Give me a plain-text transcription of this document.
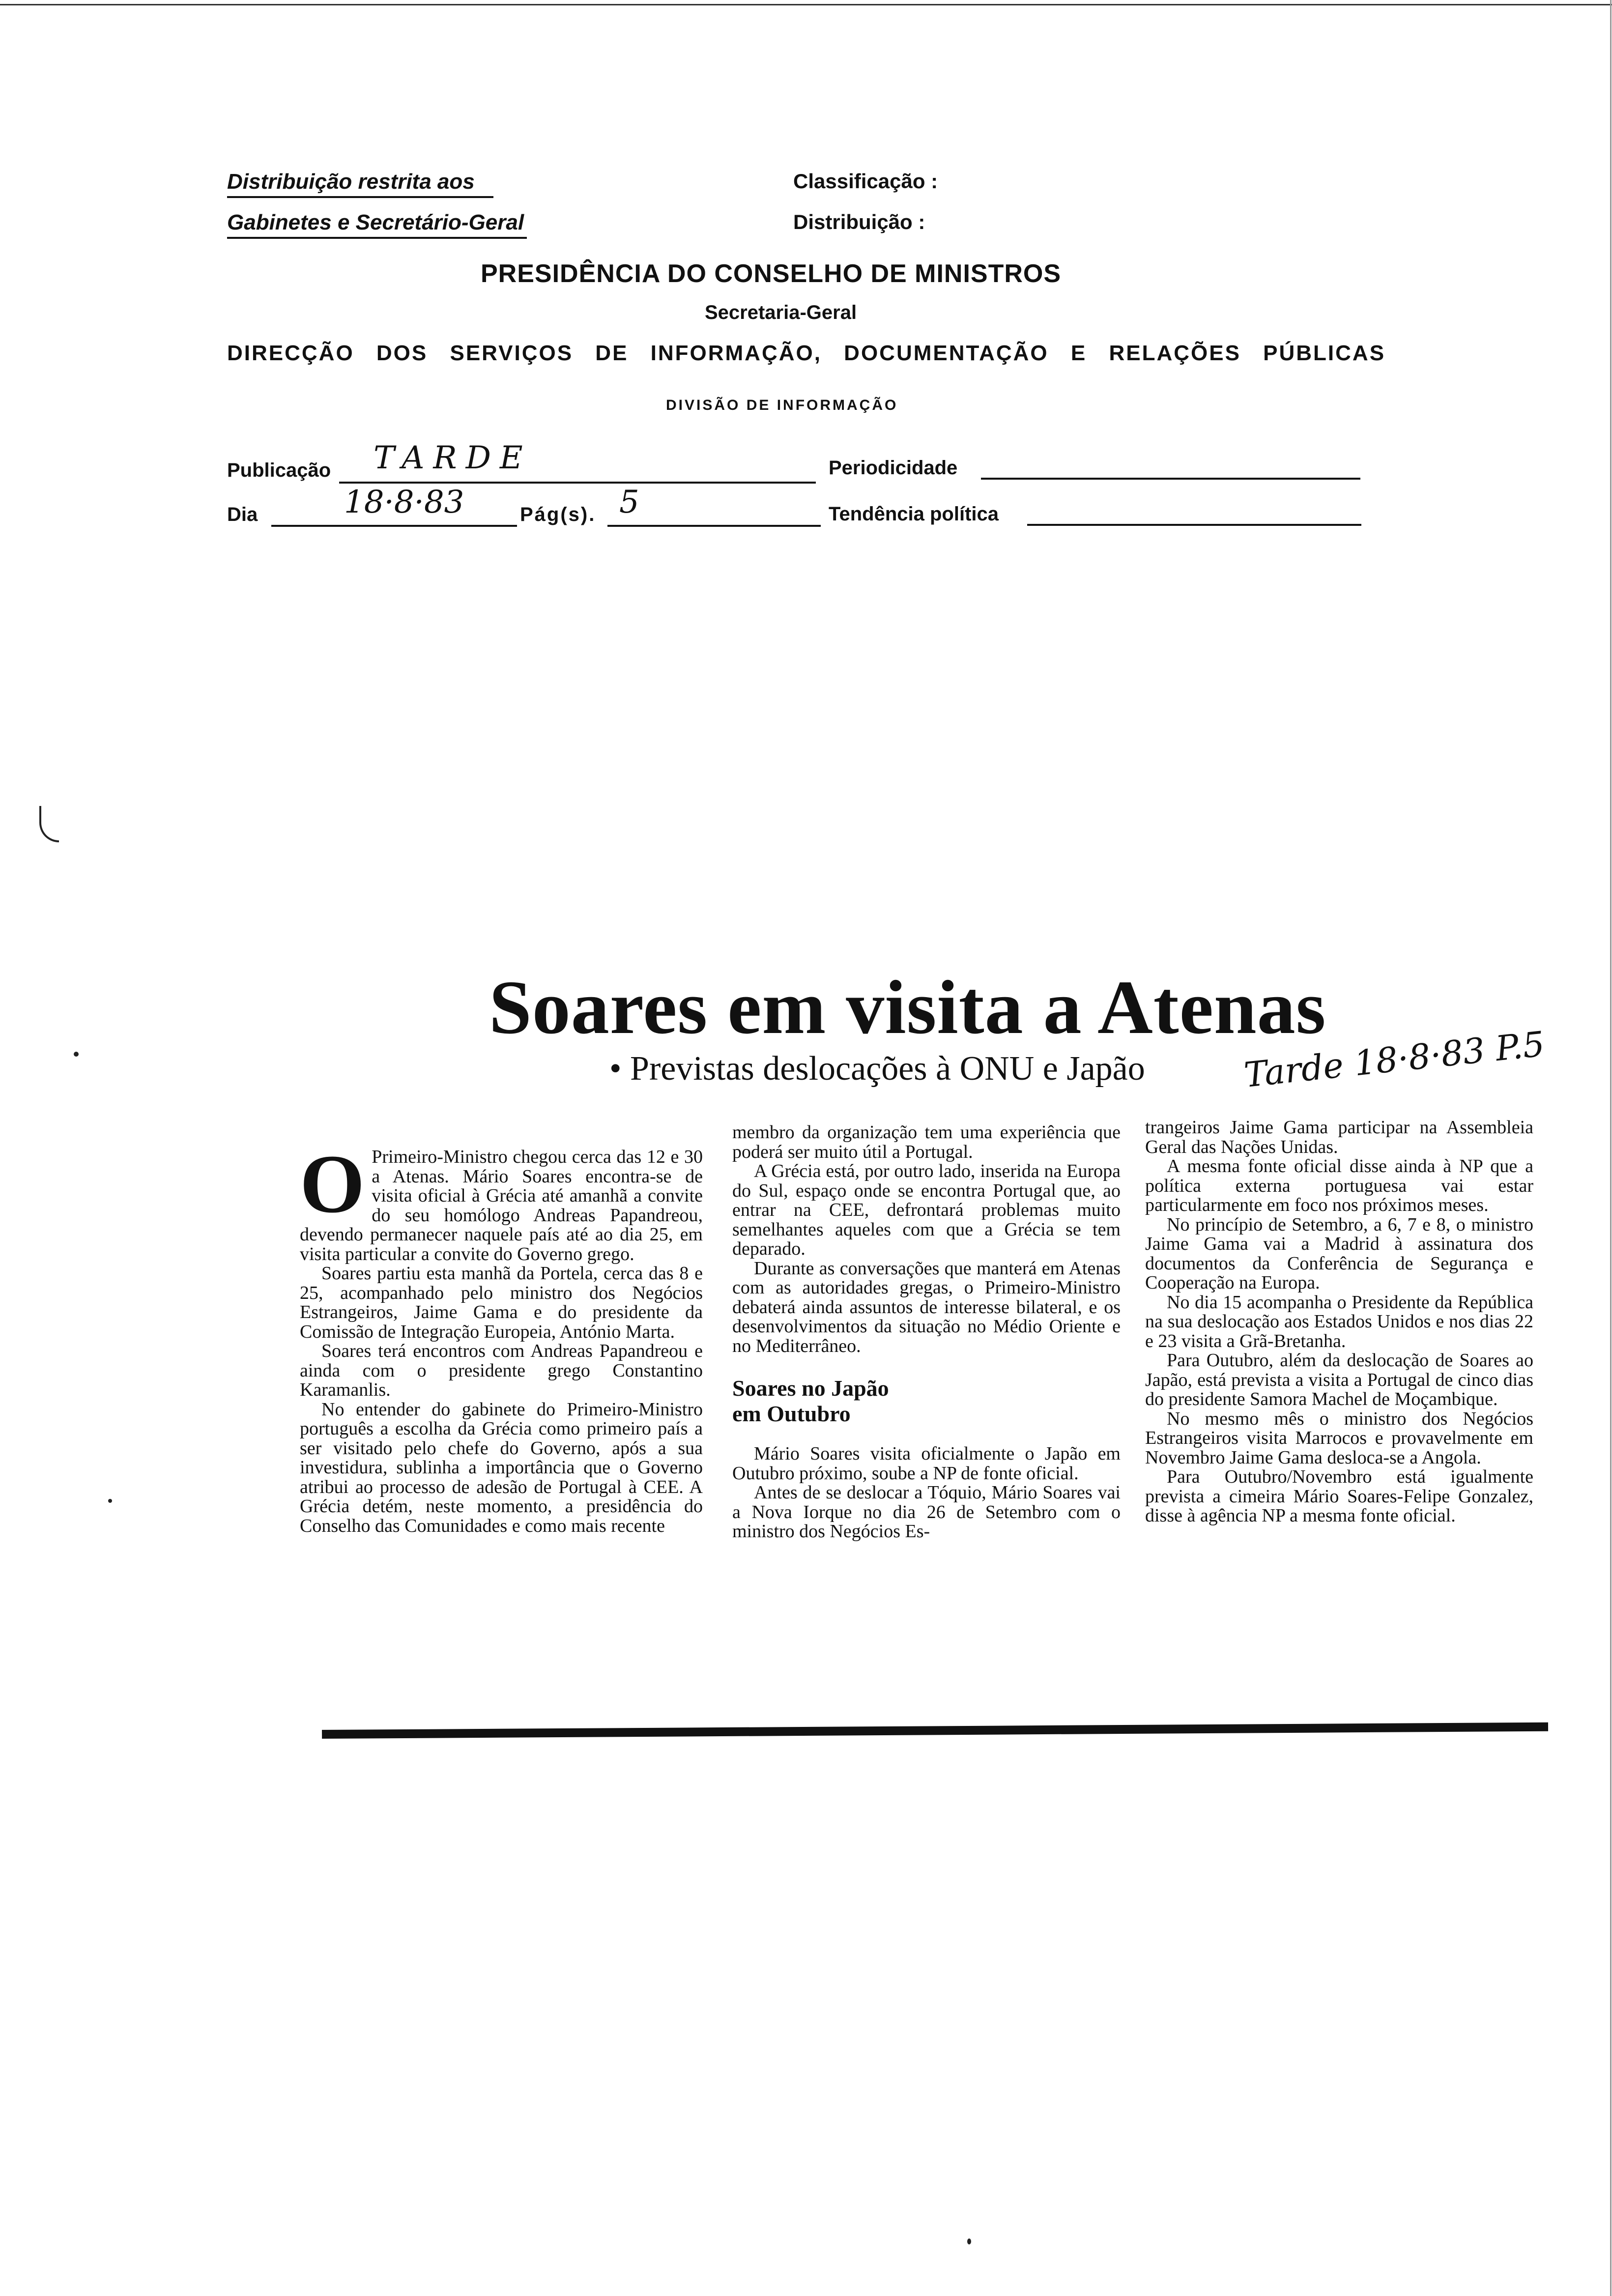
Distribuição restrita aos
Gabinetes e Secretário-Geral
Classificação :
Distribuição :
PRESIDÊNCIA DO CONSELHO DE MINISTROS
Secretaria-Geral
DIRECÇÃO DOS SERVIÇOS DE INFORMAÇÃO, DOCUMENTAÇÃO E RELAÇÕES PÚBLICAS
DIVISÃO DE INFORMAÇÃO
Publicação TARDE	Periodicidade
Dia	18·8·83	Pág(s). 5	Tendência política
Soares em visita a Atenas
• Previstas deslocações à ONU e Japão	Tarde 18·8·83 P.5
O Primeiro-Ministro chegou cerca das 12 e 30 a Atenas. Mário Soares encontra-se de visita oficial à Grécia até amanhã a convite do seu homólogo Andreas Papandreou, devendo permanecer naquele país até ao dia 25, em visita particular a convite do Governo grego.

Soares partiu esta manhã da Portela, cerca das 8 e 25, acompanhado pelo ministro dos Negócios Estrangeiros, Jaime Gama e do presidente da Comissão de Integração Europeia, António Marta.

Soares terá encontros com Andreas Papandreou e ainda com o presidente grego Constantino Karamanlis.

No entender do gabinete do Primeiro-Ministro português a escolha da Grécia como primeiro país a ser visitado pelo chefe do Governo, após a sua investidura, sublinha a importância que o Governo atribui ao processo de adesão de Portugal à CEE. A Grécia detém, neste momento, a presidência do Conselho das Comunidades e como mais recente

membro da organização tem uma experiência que poderá ser muito útil a Portugal.

A Grécia está, por outro lado, inserida na Europa do Sul, espaço onde se encontra Portugal que, ao entrar na CEE, defrontará problemas muito semelhantes aqueles com que a Grécia se tem deparado.

Durante as conversações que manterá em Atenas com as autoridades gregas, o Primeiro-Ministro debaterá ainda assuntos de interesse bilateral, e os desenvolvimentos da situação no Médio Oriente e no Mediterrâneo.

Soares no Japão
em Outubro

Mário Soares visita oficialmente o Japão em Outubro próximo, soube a NP de fonte oficial.

Antes de se deslocar a Tóquio, Mário Soares vai a Nova Iorque no dia 26 de Setembro com o ministro dos Negócios Es-

trangeiros Jaime Gama participar na Assembleia Geral das Nações Unidas.

A mesma fonte oficial disse ainda à NP que a política externa portuguesa vai estar particularmente em foco nos próximos meses.

No princípio de Setembro, a 6, 7 e 8, o ministro Jaime Gama vai a Madrid à assinatura dos documentos da Conferência de Segurança e Cooperação na Europa.

No dia 15 acompanha o Presidente da República na sua deslocação aos Estados Unidos e nos dias 22 e 23 visita a Grã-Bretanha.

Para Outubro, além da deslocação de Soares ao Japão, está prevista a visita a Portugal de cinco dias do presidente Samora Machel de Moçambique.

No mesmo mês o ministro dos Negócios Estrangeiros visita Marrocos e provavelmente em Novembro Jaime Gama desloca-se a Angola.

Para Outubro/Novembro está igualmente prevista a cimeira Mário Soares-Felipe Gonzalez, disse à agência NP a mesma fonte oficial.
